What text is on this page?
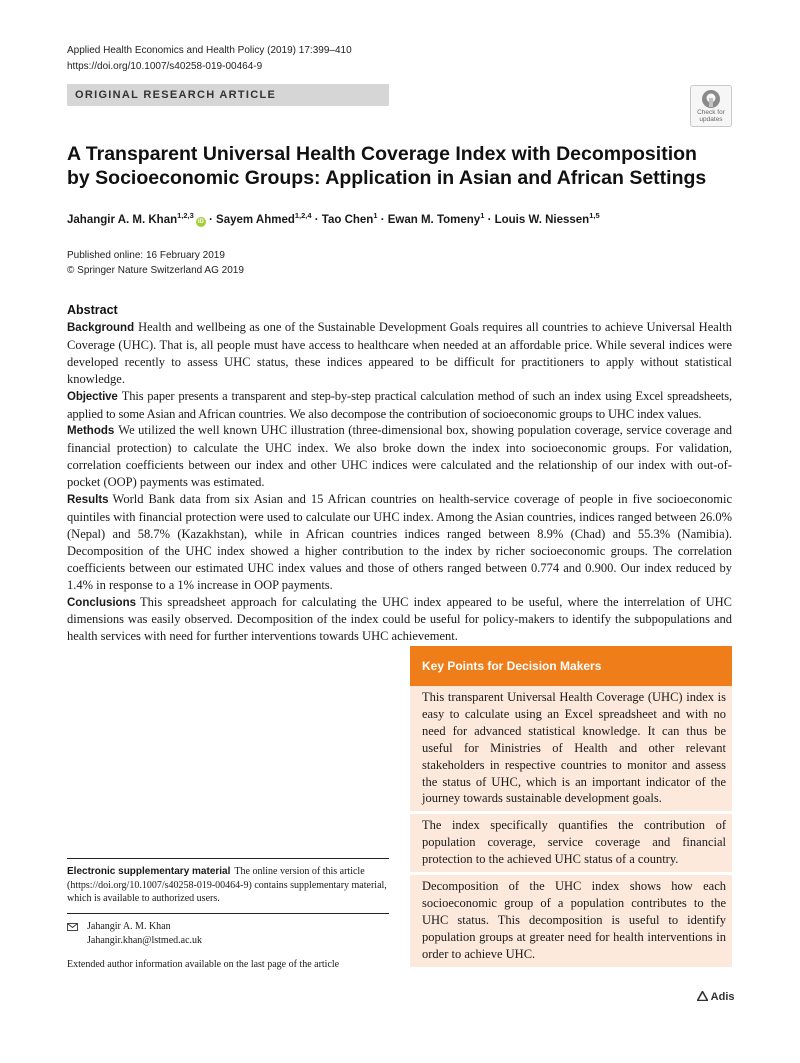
Applied Health Economics and Health Policy (2019) 17:399–410
https://doi.org/10.1007/s40258-019-00464-9
ORIGINAL RESEARCH ARTICLE
Check for
updates
A Transparent Universal Health Coverage Index with Decomposition by Socioeconomic Groups: Application in Asian and African Settings
Jahangir A. M. Khan$^{1,2,3}$iD · Sayem Ahmed$^{1,2,4}$ · Tao Chen$^1$ · Ewan M. Tomeny$^1$ · Louis W. Niessen$^{1,5}$
Published online: 16 February 2019
© Springer Nature Switzerland AG 2019
Abstract

Background Health and wellbeing as one of the Sustainable Development Goals requires all countries to achieve Universal Health Coverage (UHC). That is, all people must have access to healthcare when needed at an affordable price. While several indices were developed recently to assess UHC status, these indices appeared to be difficult for practitioners to apply without statistical knowledge.

Objective This paper presents a transparent and step-by-step practical calculation method of such an index using Excel spreadsheets, applied to some Asian and African countries. We also decompose the contribution of socioeconomic groups to UHC index values.

Methods We utilized the well known UHC illustration (three-dimensional box, showing population coverage, service coverage and financial protection) to calculate the UHC index. We also broke down the index into socioeconomic groups. For validation, correlation coefficients between our index and other UHC indices were calculated and the relationship of our index with out-of-pocket (OOP) payments was estimated.

Results World Bank data from six Asian and 15 African countries on health-service coverage of people in five socioeconomic quintiles with financial protection were used to calculate our UHC index. Among the Asian countries, indices ranged between 26.0% (Nepal) and 58.7% (Kazakhstan), while in African countries indices ranged between 8.9% (Chad) and 55.3% (Namibia). Decomposition of the UHC index showed a higher contribution to the index by richer socioeconomic groups. The correlation coefficients between our estimated UHC index values and those of others ranged between 0.774 and 0.900. Our index reduced by 1.4% in response to a 1% increase in OOP payments.

Conclusions This spreadsheet approach for calculating the UHC index appeared to be useful, where the interrelation of UHC dimensions was easily observed. Decomposition of the index could be useful for policy-makers to identify the subpopulations and health services with need for further interventions towards UHC achievement.

Key Points for Decision Makers
This transparent Universal Health Coverage (UHC) index is easy to calculate using an Excel spreadsheet and with no need for advanced statistical knowledge. It can thus be useful for Ministries of Health and other relevant stakeholders in respective countries to monitor and assess the status of UHC, which is an important indicator of the journey towards sustainable development goals.
The index specifically quantifies the contribution of population coverage, service coverage and financial protection to the achieved UHC status of a country.
Decomposition of the UHC index shows how each socioeconomic group of a population contributes to the UHC status. This decomposition is useful to identify population groups at greater need for health interventions in order to achieve UHC.

Electronic supplementary material The online version of this article (https://doi.org/10.1007/s40258-019-00464-9) contains supplementary material, which is available to authorized users.

Jahangir A. M. Khan
Jahangir.khan@lstmed.ac.uk
Extended author information available on the last page of the article
Adis
